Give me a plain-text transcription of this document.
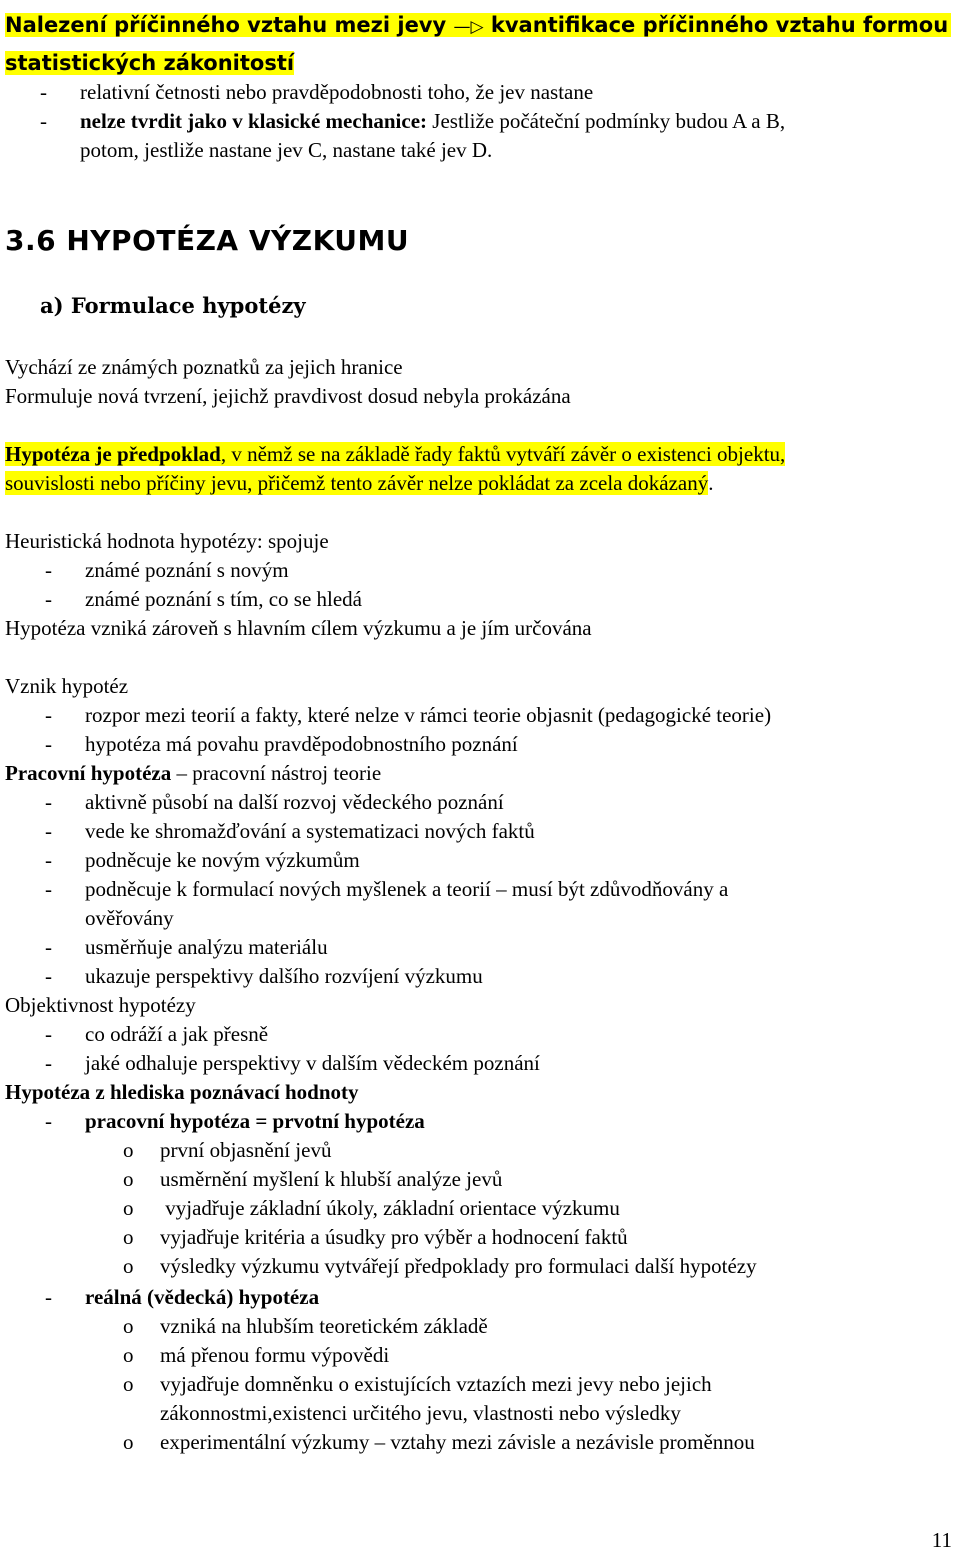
Nalezení příčinného vztahu mezi jevy —▷ kvantifikace příčinného vztahu formou
statistických zákonitostí
- relativní četnosti nebo pravděpodobnosti toho, že jev nastane
- nelze tvrdit jako v klasické mechanice: Jestliže počáteční podmínky budou A a B,
potom, jestliže nastane jev C, nastane také jev D.
3.6 HYPOTÉZA VÝZKUMU
a) Formulace hypotézy
Vychází ze známých poznatků za jejich hranice
Formuluje nová tvrzení, jejichž pravdivost dosud nebyla prokázána
Hypotéza je předpoklad, v němž se na základě řady faktů vytváří závěr o existenci objektu,
souvislosti nebo příčiny jevu, přičemž tento závěr nelze pokládat za zcela dokázaný.
Heuristická hodnota hypotézy: spojuje
- známé poznání s novým
- známé poznání s tím, co se hledá
Hypotéza vzniká zároveň s hlavním cílem výzkumu a je jím určována
Vznik hypotéz
- rozpor mezi teorií a fakty, které nelze v rámci teorie objasnit (pedagogické teorie)
- hypotéza má povahu pravděpodobnostního poznání
Pracovní hypotéza – pracovní nástroj teorie
- aktivně působí na další rozvoj vědeckého poznání
- vede ke shromažďování a systematizaci nových faktů
- podněcuje ke novým výzkumům
- podněcuje k formulací nových myšlenek a teorií – musí být zdůvodňovány a
ověřovány
- usměrňuje analýzu materiálu
- ukazuje perspektivy dalšího rozvíjení výzkumu
Objektivnost hypotézy
- co odráží a jak přesně
- jaké odhaluje perspektivy v dalším vědeckém poznání
Hypotéza z hlediska poznávací hodnoty
- pracovní hypotéza = prvotní hypotéza
o první objasnění jevů
o usměrnění myšlení k hlubší analýze jevů
o vyjadřuje základní úkoly, základní orientace výzkumu
o vyjadřuje kritéria a úsudky pro výběr a hodnocení faktů
o výsledky výzkumu vytvářejí předpoklady pro formulaci další hypotézy
- reálná (vědecká) hypotéza
o vzniká na hlubším teoretickém základě
o má přenou formu výpovědi
o vyjadřuje domněnku o existujících vztazích mezi jevy nebo jejich
zákonnostmi,existenci určitého jevu, vlastnosti nebo výsledky
o experimentální výzkumy – vztahy mezi závisle a nezávisle proměnnou
11
